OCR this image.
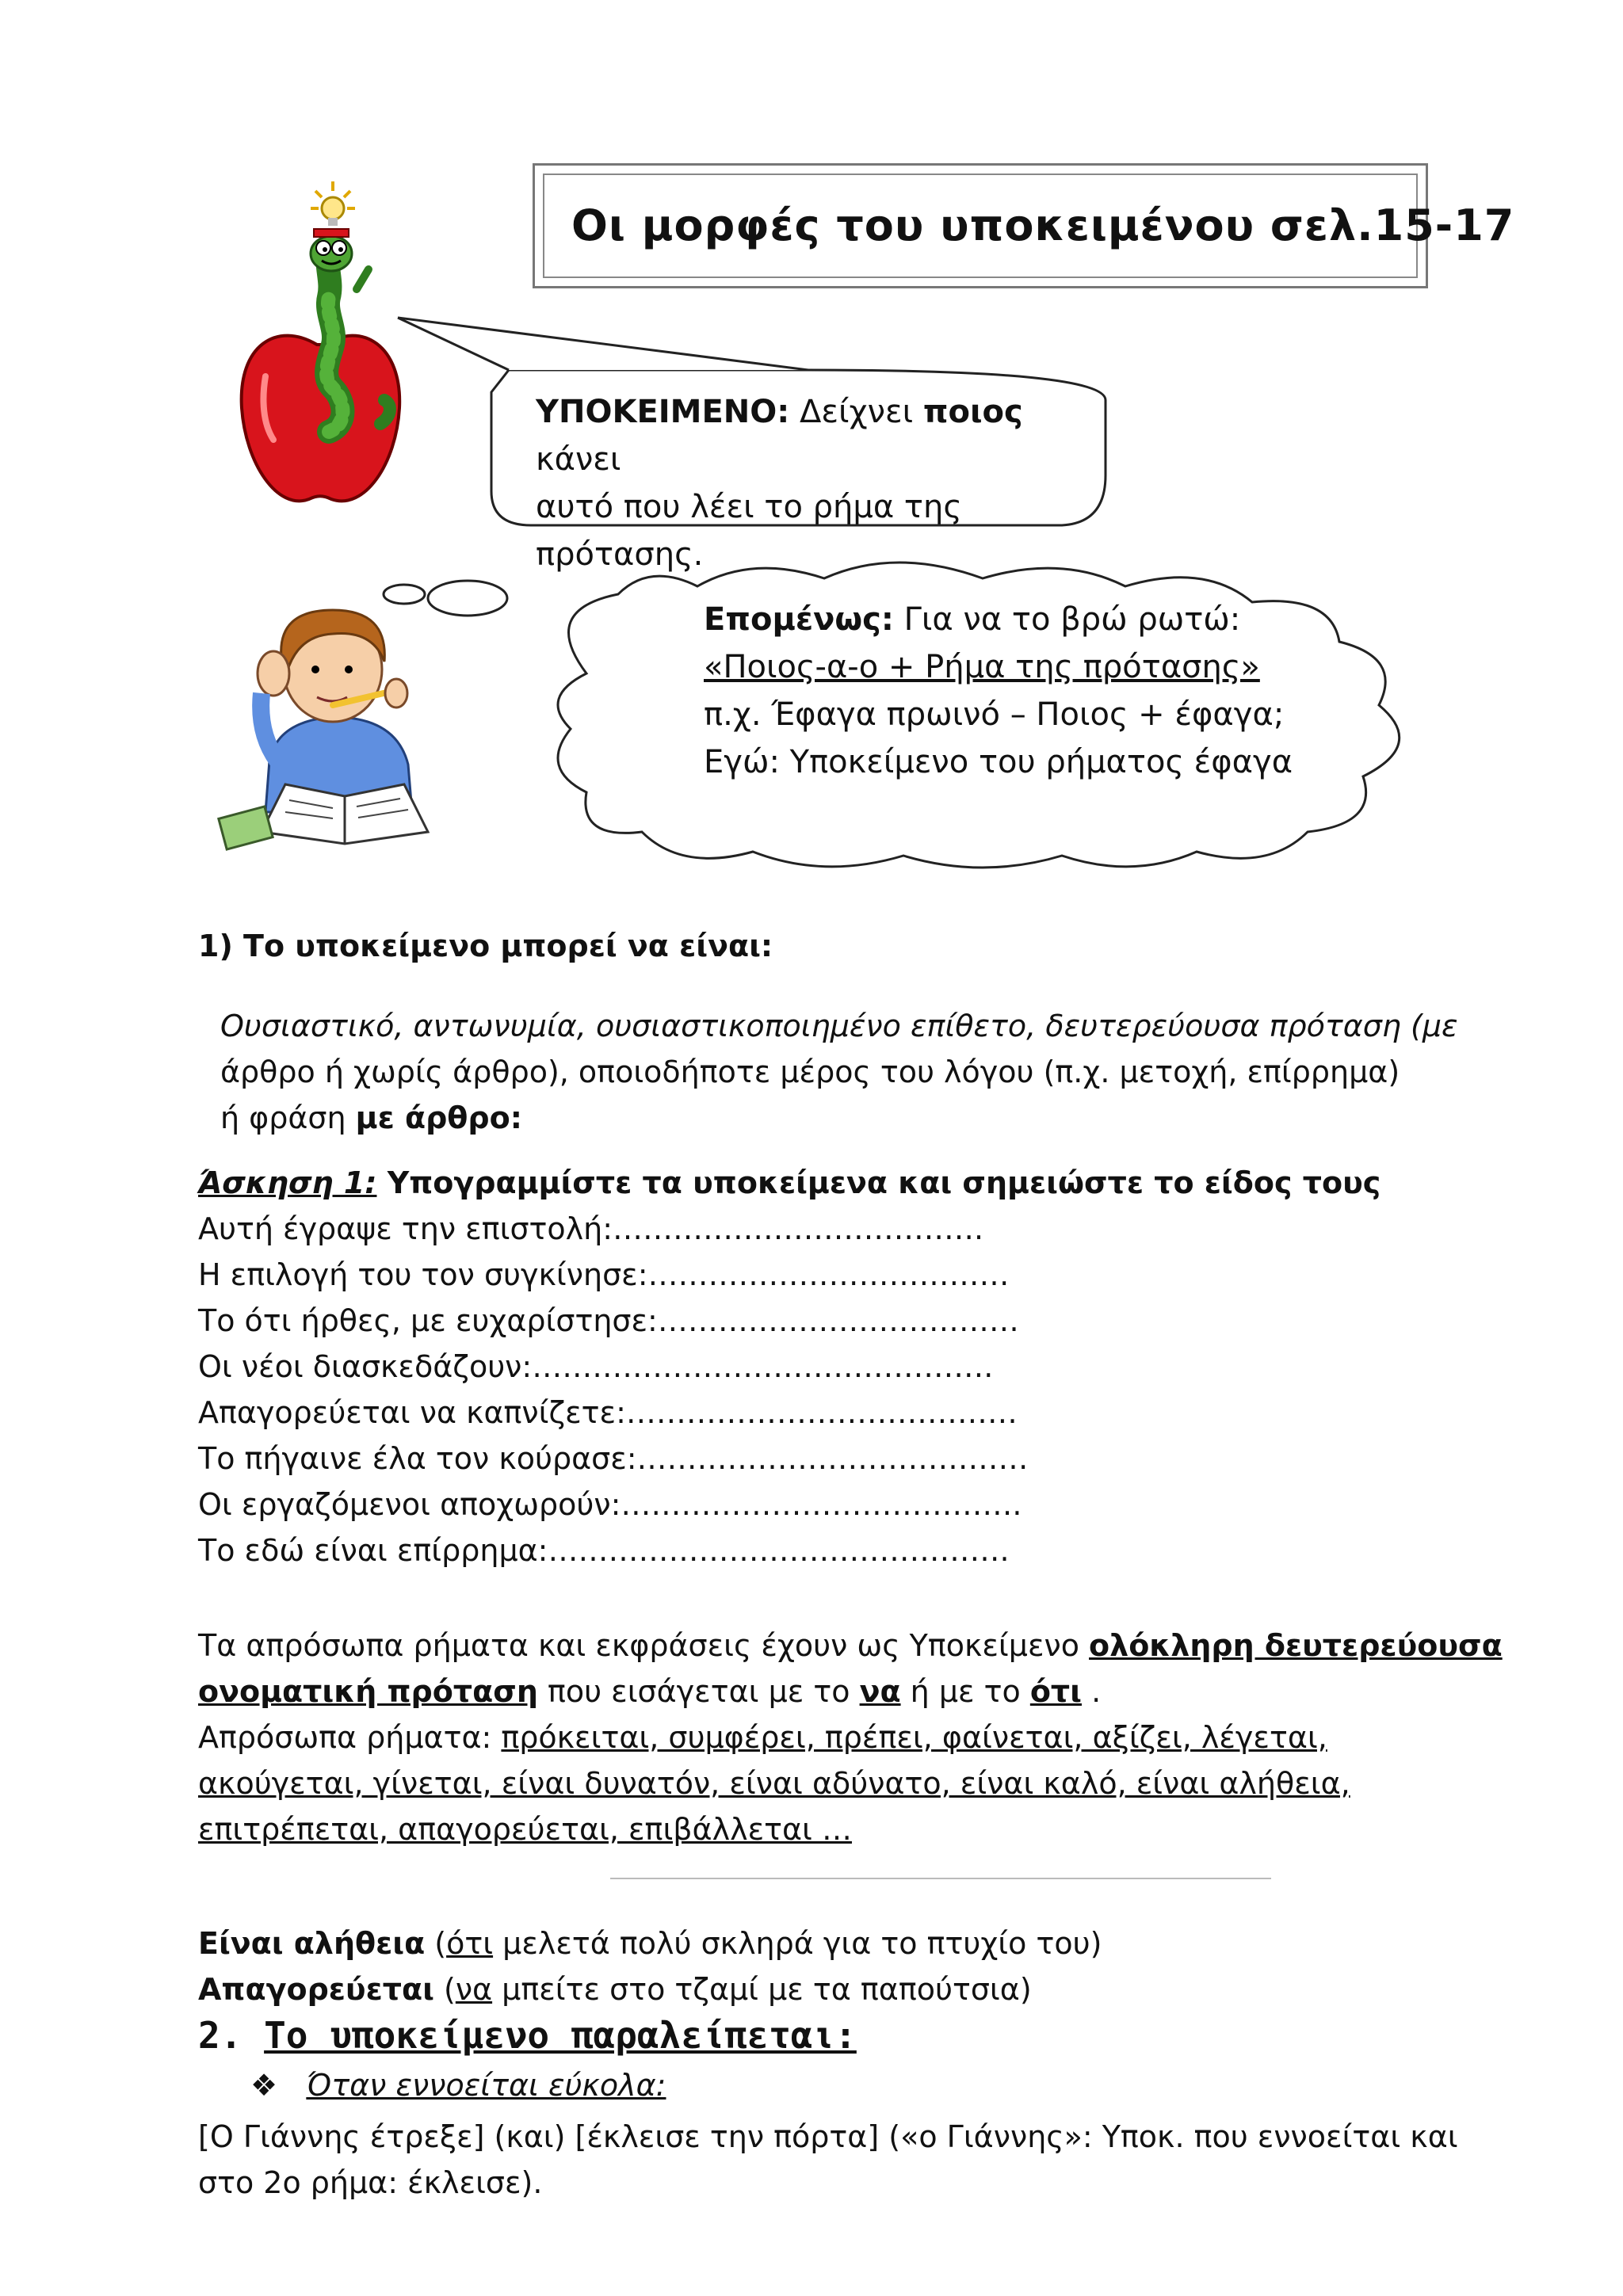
Οι μορφές του υποκειμένου σελ.15-17
ΥΠΟΚΕΙΜΕΝΟ: Δείχνει ποιος
κάνει
αυτό που λέει το ρήμα της
πρότασης.
Επομένως: Για να το βρώ ρωτώ:
«Ποιος-α-ο + Ρήμα της πρότασης»
π.χ. Έφαγα πρωινό – Ποιος + έφαγα;
Εγώ: Υποκείμενο του ρήματος έφαγα
1) Το υποκείμενο μπορεί να είναι:
Ουσιαστικό, αντωνυμία, ουσιαστικοποιημένο επίθετο, δευτερεύουσα πρόταση (με
άρθρο ή χωρίς άρθρο), οποιοδήποτε μέρος του λόγου (π.χ. μετοχή, επίρρημα)
ή φράση με άρθρο:
Άσκηση 1: Υπογραμμίστε τα υποκείμενα και σημειώστε το είδος τους
Αυτή έγραψε την επιστολή:……………………………….
Η επιλογή του τον συγκίνησε:………………………………
Το ότι ήρθες, με ευχαρίστησε:………………………………
Οι νέοι διασκεδάζουν:……………………………………….
Απαγορεύεται να καπνίζετε:…………………………………
Το πήγαινε έλα τον κούρασε:…………………………………
Οι εργαζόμενοι αποχωρούν:………………………………….
Το εδώ είναι επίρρημα:……………………………………….
Τα απρόσωπα ρήματα και εκφράσεις έχουν ως Υποκείμενο ολόκληρη δευτερεύουσα
ονοματική πρόταση που εισάγεται με το να ή με το ότι .
Απρόσωπα ρήματα: πρόκειται, συμφέρει, πρέπει, φαίνεται, αξίζει, λέγεται,
ακούγεται, γίνεται, είναι δυνατόν, είναι αδύνατο, είναι καλό, είναι αλήθεια,
επιτρέπεται, απαγορεύεται, επιβάλλεται …
Είναι αλήθεια (ότι μελετά πολύ σκληρά για το πτυχίο του)
Απαγορεύεται (να μπείτε στο τζαμί με τα παπούτσια)
2. Το υποκείμενο παραλείπεται:
❖ Όταν εννοείται εύκολα:
[Ο Γιάννης έτρεξε] (και) [έκλεισε την πόρτα] («ο Γιάννης»: Υποκ. που εννοείται και
στο 2ο ρήμα: έκλεισε).
